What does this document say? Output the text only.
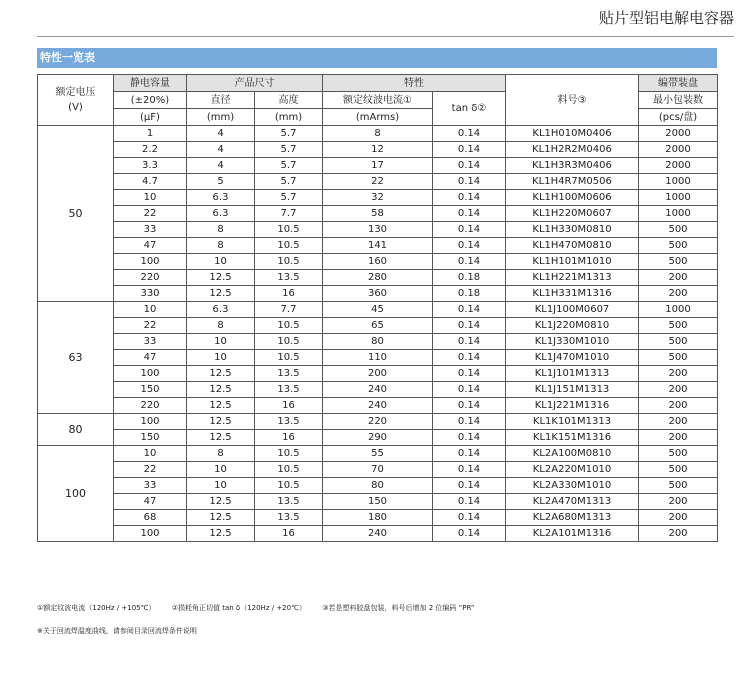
贴片型铝电解电容器
特性一览表
额定电压
(V)	静电容量	产品尺寸		特性		料号③	编带装盘
	(±20%)	直径	高度	额定纹波电流①	tan δ②		最小包装数
	(μF)	(mm)	(mm)	(mArms)			(pcs/盘)
50	1	4	5.7	8	0.14	KL1H010M0406	2000
	2.2	4	5.7	12	0.14	KL1H2R2M0406	2000
	3.3	4	5.7	17	0.14	KL1H3R3M0406	2000
	4.7	5	5.7	22	0.14	KL1H4R7M0506	1000
	10	6.3	5.7	32	0.14	KL1H100M0606	1000
	22	6.3	7.7	58	0.14	KL1H220M0607	1000
	33	8	10.5	130	0.14	KL1H330M0810	500
	47	8	10.5	141	0.14	KL1H470M0810	500
	100	10	10.5	160	0.14	KL1H101M1010	500
	220	12.5	13.5	280	0.18	KL1H221M1313	200
	330	12.5	16	360	0.18	KL1H331M1316	200
63	10	6.3	7.7	45	0.14	KL1J100M0607	1000
	22	8	10.5	65	0.14	KL1J220M0810	500
	33	10	10.5	80	0.14	KL1J330M1010	500
	47	10	10.5	110	0.14	KL1J470M1010	500
	100	12.5	13.5	200	0.14	KL1J101M1313	200
	150	12.5	13.5	240	0.14	KL1J151M1313	200
	220	12.5	16	240	0.14	KL1J221M1316	200
80	100	12.5	13.5	220	0.14	KL1K101M1313	200
	150	12.5	16	290	0.14	KL1K151M1316	200
100	10	8	10.5	55	0.14	KL2A100M0810	500
	22	10	10.5	70	0.14	KL2A220M1010	500
	33	10	10.5	80	0.14	KL2A330M1010	500
	47	12.5	13.5	150	0.14	KL2A470M1313	200
	68	12.5	13.5	180	0.14	KL2A680M1313	200
	100	12.5	16	240	0.14	KL2A101M1316	200
①额定纹波电流（120Hz / +105℃） ②损耗角正切值 tan δ（120Hz / +20℃） ③若是塑料胶盘包装，料号后增加 2 位编码 “PR”
※关于回流焊温度曲线，请参阅目录回流焊条件说明
